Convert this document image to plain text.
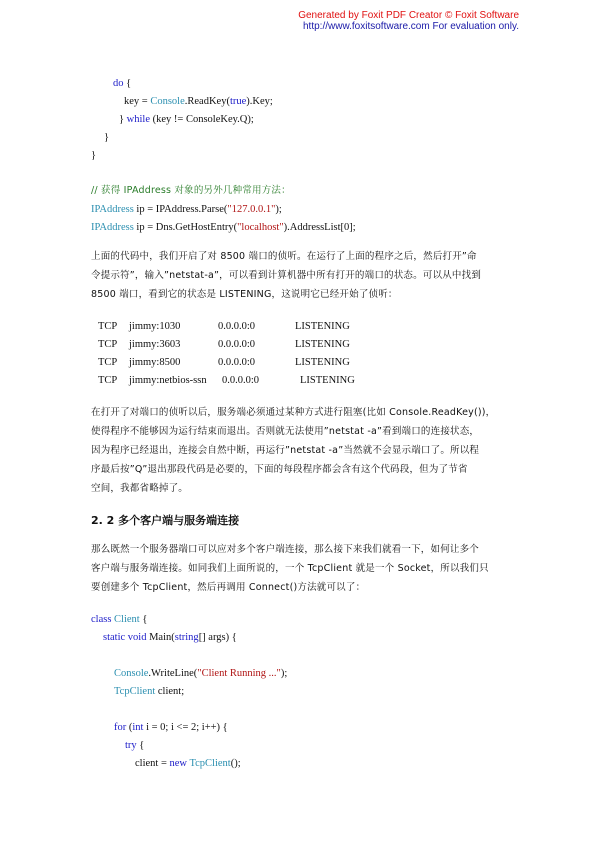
Generated by Foxit PDF Creator © Foxit Software
http://www.foxitsoftware.com For evaluation only.
do {
key = Console.ReadKey(true).Key;
} while (key != ConsoleKey.Q);
}
}
// 获得 IPAddress 对象的另外几种常用方法：
IPAddress ip = IPAddress.Parse("127.0.0.1");
IPAddress ip = Dns.GetHostEntry("localhost").AddressList[0];
上面的代码中，我们开启了对 8500 端口的侦听。在运行了上面的程序之后，然后打开”命
令提示符”，输入”netstat-a”，可以看到计算机器中所有打开的端口的状态。可以从中找到
8500 端口，看到它的状态是 LISTENING，这说明它已经开始了侦听：
TCP jimmy:1030	0.0.0.0:0	LISTENING
TCP jimmy:3603	0.0.0.0:0	LISTENING
TCP jimmy:8500	0.0.0.0:0	LISTENING
TCP jimmy:netbios-ssn 0.0.0.0:0	LISTENING
在打开了对端口的侦听以后，服务端必须通过某种方式进行阻塞(比如 Console.ReadKey())，
使得程序不能够因为运行结束而退出。否则就无法使用”netstat -a”看到端口的连接状态，
因为程序已经退出，连接会自然中断，再运行”netstat -a”当然就不会显示端口了。所以程
序最后按”Q”退出那段代码是必要的，下面的每段程序都会含有这个代码段，但为了节省
空间，我都省略掉了。
2. 2 多个客户端与服务端连接
那么既然一个服务器端口可以应对多个客户端连接，那么接下来我们就看一下，如何让多个
客户端与服务端连接。如同我们上面所说的，一个 TcpClient 就是一个 Socket，所以我们只
要创建多个 TcpClient，然后再调用 Connect()方法就可以了：
class Client {
static void Main(string[] args) {
Console.WriteLine("Client Running ...");
TcpClient client;
for (int i = 0; i <= 2; i++) {
try {
client = new TcpClient();
